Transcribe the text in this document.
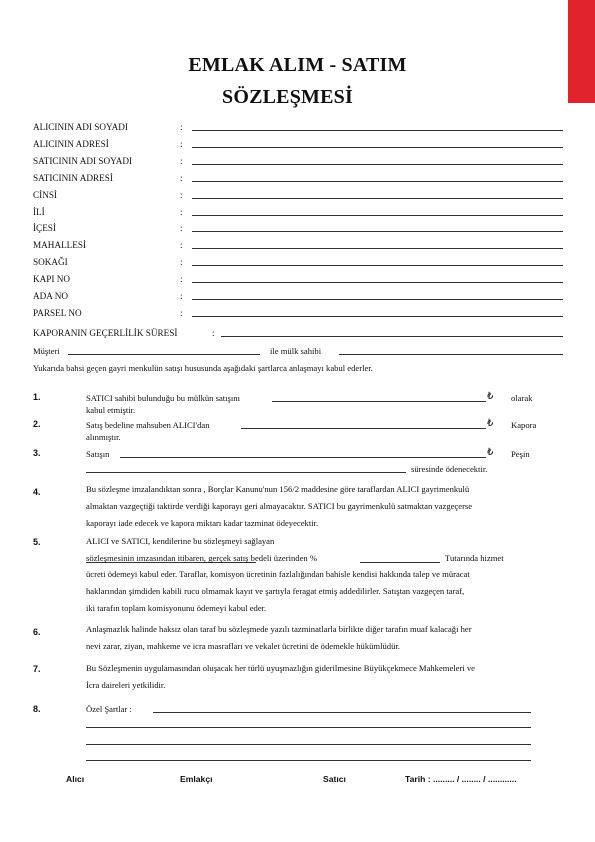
EMLAK ALIM - SATIM
SÖZLEŞMESİ
ALICININ ADI SOYADI	:
ALICININ ADRESİ	:
SATICININ ADI SOYADI	:
SATICININ ADRESİ	:
CİNSİ	:
İLİ	:
İÇESİ	:
MAHALLESİ	:
SOKAĞI	:
KAPI NO	:
ADA NO	:
PARSEL NO	:
KAPORANIN GEÇERLİLİK SÜRESİ	:
Müşteri	ile mülk sahibi
Yukarıda bahsi geçen gayri menkulün satışı hususunda aşağıdaki şartlarca anlaşmayı kabul ederler.
1.	SATICI sahibi bulunduğu bu mülkün satışını	₺ olarak
kabul etmiştir.
2.	Satış bedeline mahsuben ALICI'dan	₺ Kapora
alınmıştır.
3.	Satışın	₺ Peşin
süresinde ödenecektir.
4.	Bu sözleşme imzalandıktan sonra , Borçlar Kanunu'nun 156/2 maddesine göre taraflardan ALICI gayrimenkulü
almaktan vazgeçtiği taktirde verdiği kaporayı geri almayacaktır. SATICI bu gayrimenkulü satmaktan vazgeçerse
kaporayı iade edecek ve kapora miktarı kadar tazminat ödeyecektir.
5.	ALICI ve SATICI, kendilerine bu sözleşmeyi sağlayan
sözleşmesinin imzasından itibaren, gerçek satış bedeli üzerinden %	Tutarında hizmet
ücreti ödemeyi kabul eder. Taraflar, komisyon ücretinin fazlalığından bahisle kendisi hakkında talep ve müracat
haklarından şimdiden kabili rucu olmamak kayıt ve şartıyla feragat etmiş addedilirler. Satıştan vazgeçen taraf,
iki tarafın toplam komisyonunu ödemeyi kabul eder.
6.	Anlaşmazlık halinde haksız olan taraf bu sözleşmede yazılı tazminatlarla birlikte diğer tarafın muaf kalacağı her
nevi zarar, ziyan, mahkeme ve icra masrafları ve vekalet ücretini de ödemekle hükümlüdür.
7.	Bu Sözleşmenin uygulamasından oluşacak her türlü uyuşmazlığın giderilmesine Büyükçekmece Mahkemeleri ve
İcra daireleri yetkilidir.
8.	Özel Şartlar :
Alıcı	Emlakçı	Satıcı	Tarih : ......... / ........ / ............
